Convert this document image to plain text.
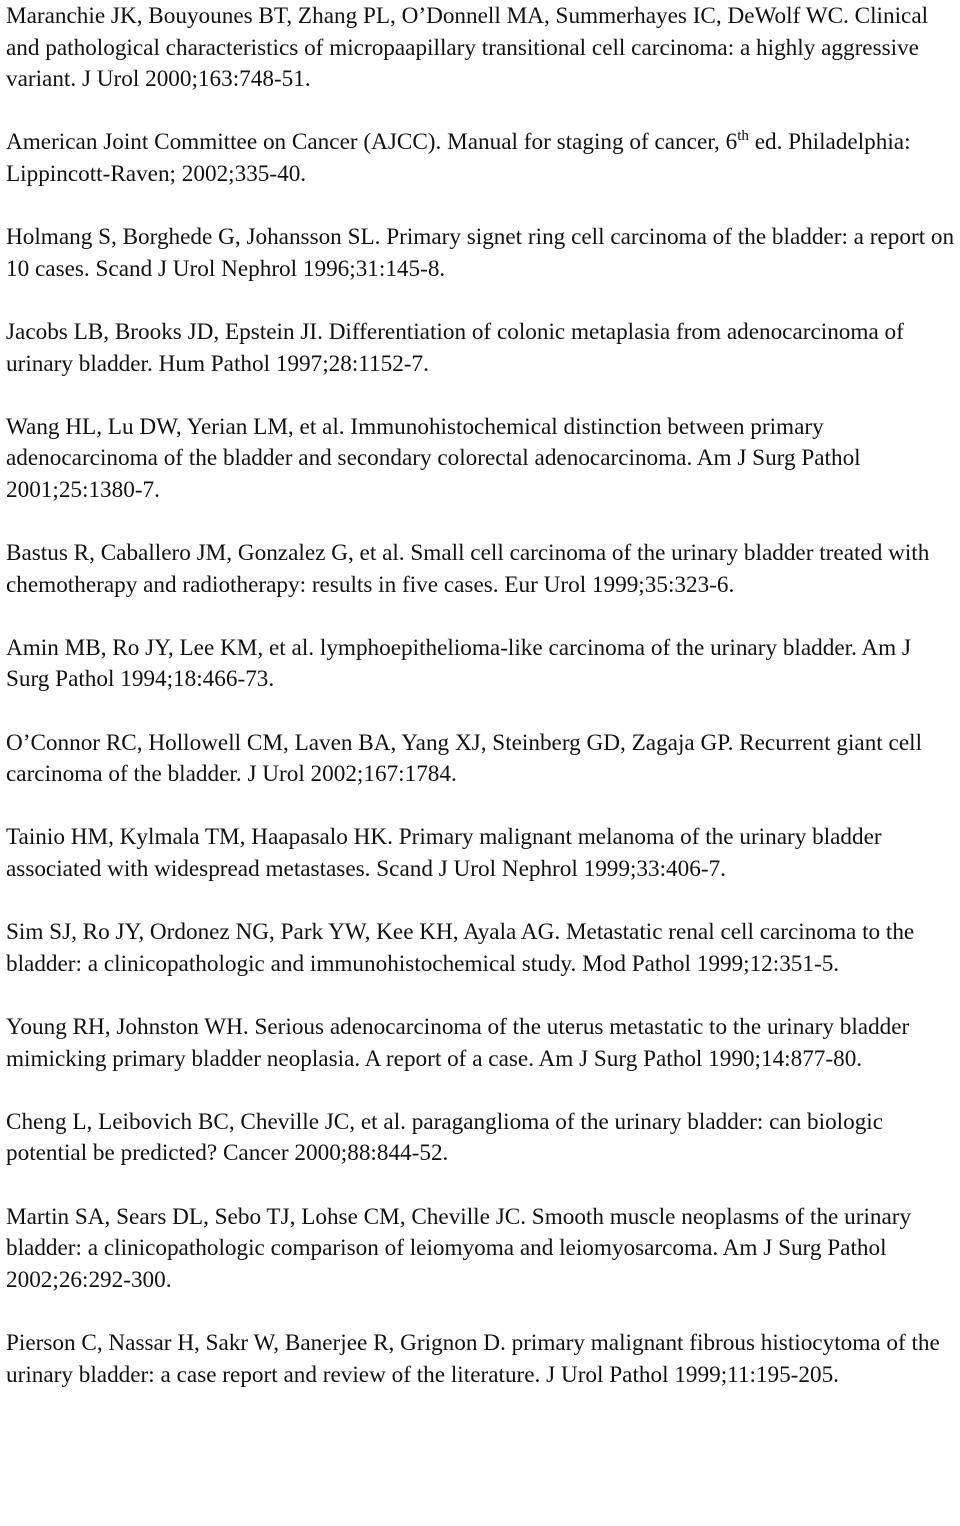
Maranchie JK, Bouyounes BT, Zhang PL, O’Donnell MA, Summerhayes IC, DeWolf WC. Clinical and pathological characteristics of micropaapillary transitional cell carcinoma: a highly aggressive variant. J Urol 2000;163:748-51.

American Joint Committee on Cancer (AJCC). Manual for staging of cancer, 6th ed. Philadelphia: Lippincott-Raven; 2002;335-40.

Holmang S, Borghede G, Johansson SL. Primary signet ring cell carcinoma of the bladder: a report on 10 cases. Scand J Urol Nephrol 1996;31:145-8.

Jacobs LB, Brooks JD, Epstein JI. Differentiation of colonic metaplasia from adenocarcinoma of urinary bladder. Hum Pathol 1997;28:1152-7.

Wang HL, Lu DW, Yerian LM, et al. Immunohistochemical distinction between primary adenocarcinoma of the bladder and secondary colorectal adenocarcinoma. Am J Surg Pathol 2001;25:1380-7.

Bastus R, Caballero JM, Gonzalez G, et al. Small cell carcinoma of the urinary bladder treated with chemotherapy and radiotherapy: results in five cases. Eur Urol 1999;35:323-6.

Amin MB, Ro JY, Lee KM, et al. lymphoepithelioma-like carcinoma of the urinary bladder. Am J Surg Pathol 1994;18:466-73.

O’Connor RC, Hollowell CM, Laven BA, Yang XJ, Steinberg GD, Zagaja GP. Recurrent giant cell carcinoma of the bladder. J Urol 2002;167:1784.

Tainio HM, Kylmala TM, Haapasalo HK. Primary malignant melanoma of the urinary bladder associated with widespread metastases. Scand J Urol Nephrol 1999;33:406-7.

Sim SJ, Ro JY, Ordonez NG, Park YW, Kee KH, Ayala AG. Metastatic renal cell carcinoma to the bladder: a clinicopathologic and immunohistochemical study. Mod Pathol 1999;12:351-5.

Young RH, Johnston WH. Serious adenocarcinoma of the uterus metastatic to the urinary bladder mimicking primary bladder neoplasia. A report of a case. Am J Surg Pathol 1990;14:877-80.

Cheng L, Leibovich BC, Cheville JC, et al. paraganglioma of the urinary bladder: can biologic potential be predicted? Cancer 2000;88:844-52.

Martin SA, Sears DL, Sebo TJ, Lohse CM, Cheville JC. Smooth muscle neoplasms of the urinary bladder: a clinicopathologic comparison of leiomyoma and leiomyosarcoma. Am J Surg Pathol 2002;26:292-300.

Pierson C, Nassar H, Sakr W, Banerjee R, Grignon D. primary malignant fibrous histiocytoma of the urinary bladder: a case report and review of the literature. J Urol Pathol 1999;11:195-205.
